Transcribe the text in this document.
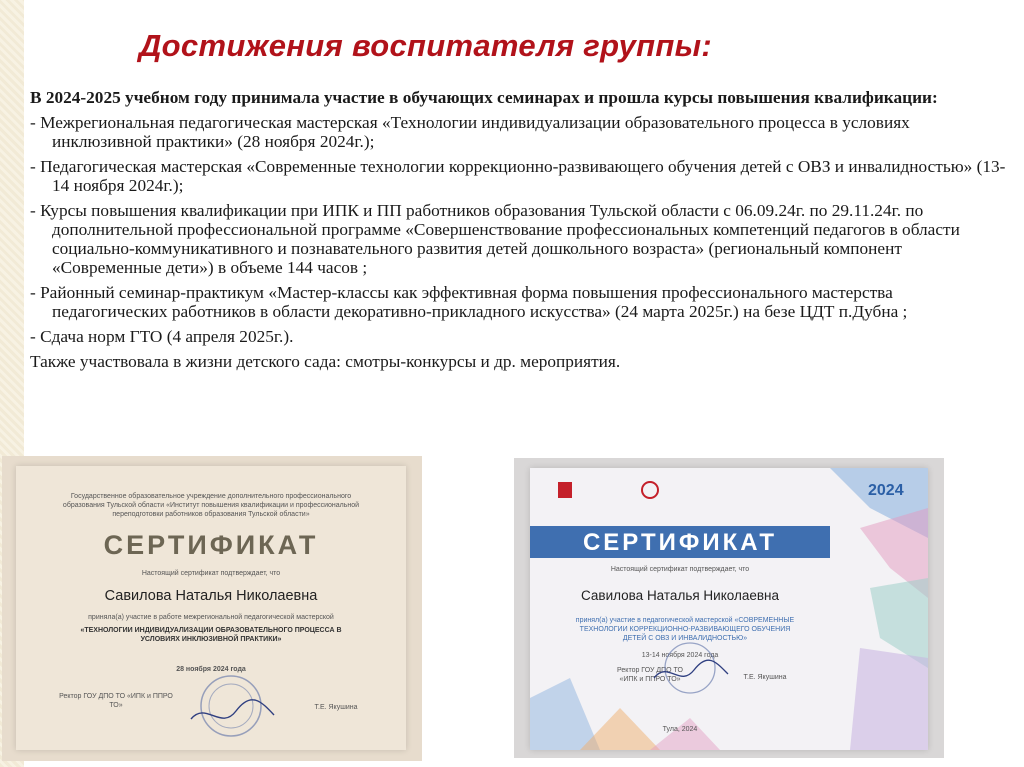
Достижения воспитателя группы:

В 2024-2025 учебном году принимала участие в обучающих семинарах и прошла курсы повышения квалификации:

- Межрегиональная педагогическая мастерская «Технологии индивидуализации образовательного процесса в условиях инклюзивной практики» (28 ноября 2024г.);

- Педагогическая мастерская «Современные технологии коррекционно-развивающего обучения детей с ОВЗ и инвалидностью» (13-14 ноября 2024г.);

- Курсы повышения квалификации при ИПК и ПП работников образования Тульской области с 06.09.24г. по 29.11.24г. по дополнительной профессиональной программе «Совершенствование профессиональных компетенций педагогов в области социально-коммуникативного и познавательного развития детей дошкольного возраста» (региональный компонент «Современные дети») в объеме 144 часов ;

- Районный семинар-практикум «Мастер-классы как эффективная форма повышения профессионального мастерства педагогических работников в области декоративно-прикладного искусства» (24 марта 2025г.) на безе ЦДТ п.Дубна ;

- Сдача норм ГТО (4 апреля 2025г.).

Также участвовала в жизни детского сада: смотры-конкурсы и др. мероприятия.

Государственное образовательное учреждение дополнительного профессионального образования Тульской области «Институт повышения квалификации и профессиональной переподготовки работников образования Тульской области»
СЕРТИФИКАТ
Настоящий сертификат подтверждает, что
Савилова Наталья Николаевна
приняла(а) участие в работе межрегиональной педагогической мастерской
«ТЕХНОЛОГИИ ИНДИВИДУАЛИЗАЦИИ ОБРАЗОВАТЕЛЬНОГО ПРОЦЕССА В УСЛОВИЯХ ИНКЛЮЗИВНОЙ ПРАКТИКИ»
28 ноября 2024 года
Ректор ГОУ ДПО ТО «ИПК и ППРО ТО»	Т.Е. Якушина

2024
СЕРТИФИКАТ
Настоящий сертификат подтверждает, что
Савилова Наталья Николаевна
принял(а) участие в педагогической мастерской «СОВРЕМЕННЫЕ ТЕХНОЛОГИИ КОРРЕКЦИОННО-РАЗВИВАЮЩЕГО ОБУЧЕНИЯ ДЕТЕЙ С ОВЗ И ИНВАЛИДНОСТЬЮ»
13-14 ноября 2024 года
Ректор ГОУ ДПО ТО «ИПК и ППРО ТО»	Т.Е. Якушина
Тула, 2024
